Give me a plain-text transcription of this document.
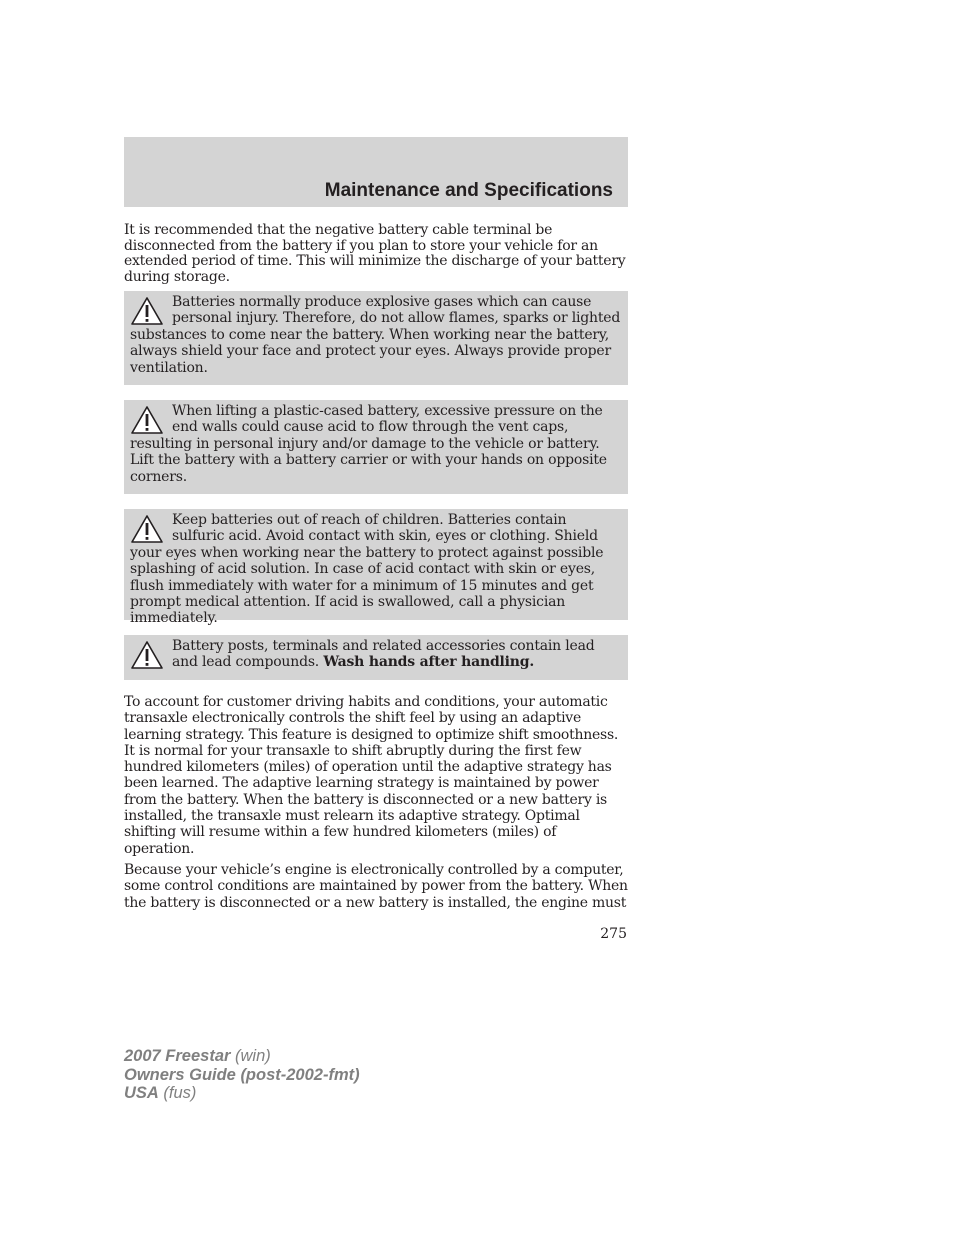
Maintenance and Specifications

It is recommended that the negative battery cable terminal be disconnected from the battery if you plan to store your vehicle for an extended period of time. This will minimize the discharge of your battery during storage.

Batteries normally produce explosive gases which can cause personal injury. Therefore, do not allow flames, sparks or lighted substances to come near the battery. When working near the battery, always shield your face and protect your eyes. Always provide proper ventilation.

When lifting a plastic-cased battery, excessive pressure on the end walls could cause acid to flow through the vent caps, resulting in personal injury and/or damage to the vehicle or battery. Lift the battery with a battery carrier or with your hands on opposite corners.

Keep batteries out of reach of children. Batteries contain sulfuric acid. Avoid contact with skin, eyes or clothing. Shield your eyes when working near the battery to protect against possible splashing of acid solution. In case of acid contact with skin or eyes, flush immediately with water for a minimum of 15 minutes and get prompt medical attention. If acid is swallowed, call a physician immediately.

Battery posts, terminals and related accessories contain lead and lead compounds. Wash hands after handling.

To account for customer driving habits and conditions, your automatic transaxle electronically controls the shift feel by using an adaptive learning strategy. This feature is designed to optimize shift smoothness. It is normal for your transaxle to shift abruptly during the first few hundred kilometers (miles) of operation until the adaptive strategy has been learned. The adaptive learning strategy is maintained by power from the battery. When the battery is disconnected or a new battery is installed, the transaxle must relearn its adaptive strategy. Optimal shifting will resume within a few hundred kilometers (miles) of operation.

Because your vehicle’s engine is electronically controlled by a computer, some control conditions are maintained by power from the battery. When the battery is disconnected or a new battery is installed, the engine must

275

2007 Freestar (win)
Owners Guide (post-2002-fmt)
USA (fus)
